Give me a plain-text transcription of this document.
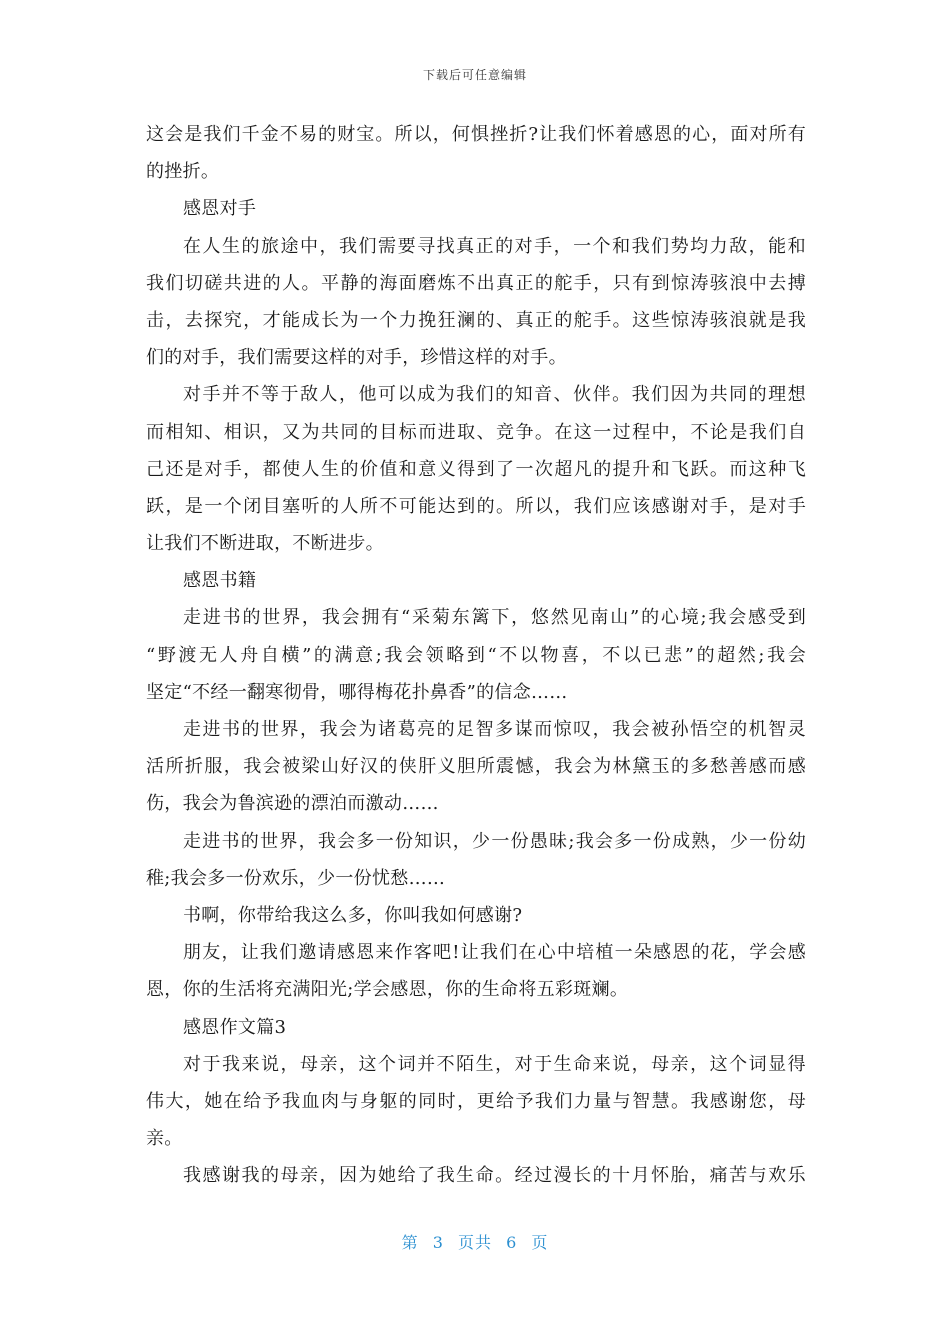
下载后可任意编辑
这会是我们千金不易的财宝。所以，何惧挫折?让我们怀着感恩的心，面对所有
的挫折。
感恩对手
在人生的旅途中，我们需要寻找真正的对手，一个和我们势均力敌，能和
我们切磋共进的人。平静的海面磨炼不出真正的舵手，只有到惊涛骇浪中去搏
击，去探究，才能成长为一个力挽狂澜的、真正的舵手。这些惊涛骇浪就是我
们的对手，我们需要这样的对手，珍惜这样的对手。
对手并不等于敌人，他可以成为我们的知音、伙伴。我们因为共同的理想
而相知、相识，又为共同的目标而进取、竞争。在这一过程中，不论是我们自
己还是对手，都使人生的价值和意义得到了一次超凡的提升和飞跃。而这种飞
跃，是一个闭目塞听的人所不可能达到的。所以，我们应该感谢对手，是对手
让我们不断进取，不断进步。
感恩书籍
走进书的世界，我会拥有“采菊东篱下，悠然见南山”的心境;我会感受到
“野渡无人舟自横”的满意;我会领略到“不以物喜，不以已悲”的超然;我会
坚定“不经一翻寒彻骨，哪得梅花扑鼻香”的信念……
走进书的世界，我会为诸葛亮的足智多谋而惊叹，我会被孙悟空的机智灵
活所折服，我会被梁山好汉的侠肝义胆所震憾，我会为林黛玉的多愁善感而感
伤，我会为鲁滨逊的漂泊而激动……
走进书的世界，我会多一份知识，少一份愚昧;我会多一份成熟，少一份幼
稚;我会多一份欢乐，少一份忧愁……
书啊，你带给我这么多，你叫我如何感谢?
朋友，让我们邀请感恩来作客吧!让我们在心中培植一朵感恩的花，学会感
恩，你的生活将充满阳光;学会感恩，你的生命将五彩斑斓。
感恩作文篇3
对于我来说，母亲，这个词并不陌生，对于生命来说，母亲，这个词显得
伟大，她在给予我血肉与身躯的同时，更给予我们力量与智慧。我感谢您，母
亲。
我感谢我的母亲，因为她给了我生命。经过漫长的十月怀胎，痛苦与欢乐
第 3 页共 6 页
